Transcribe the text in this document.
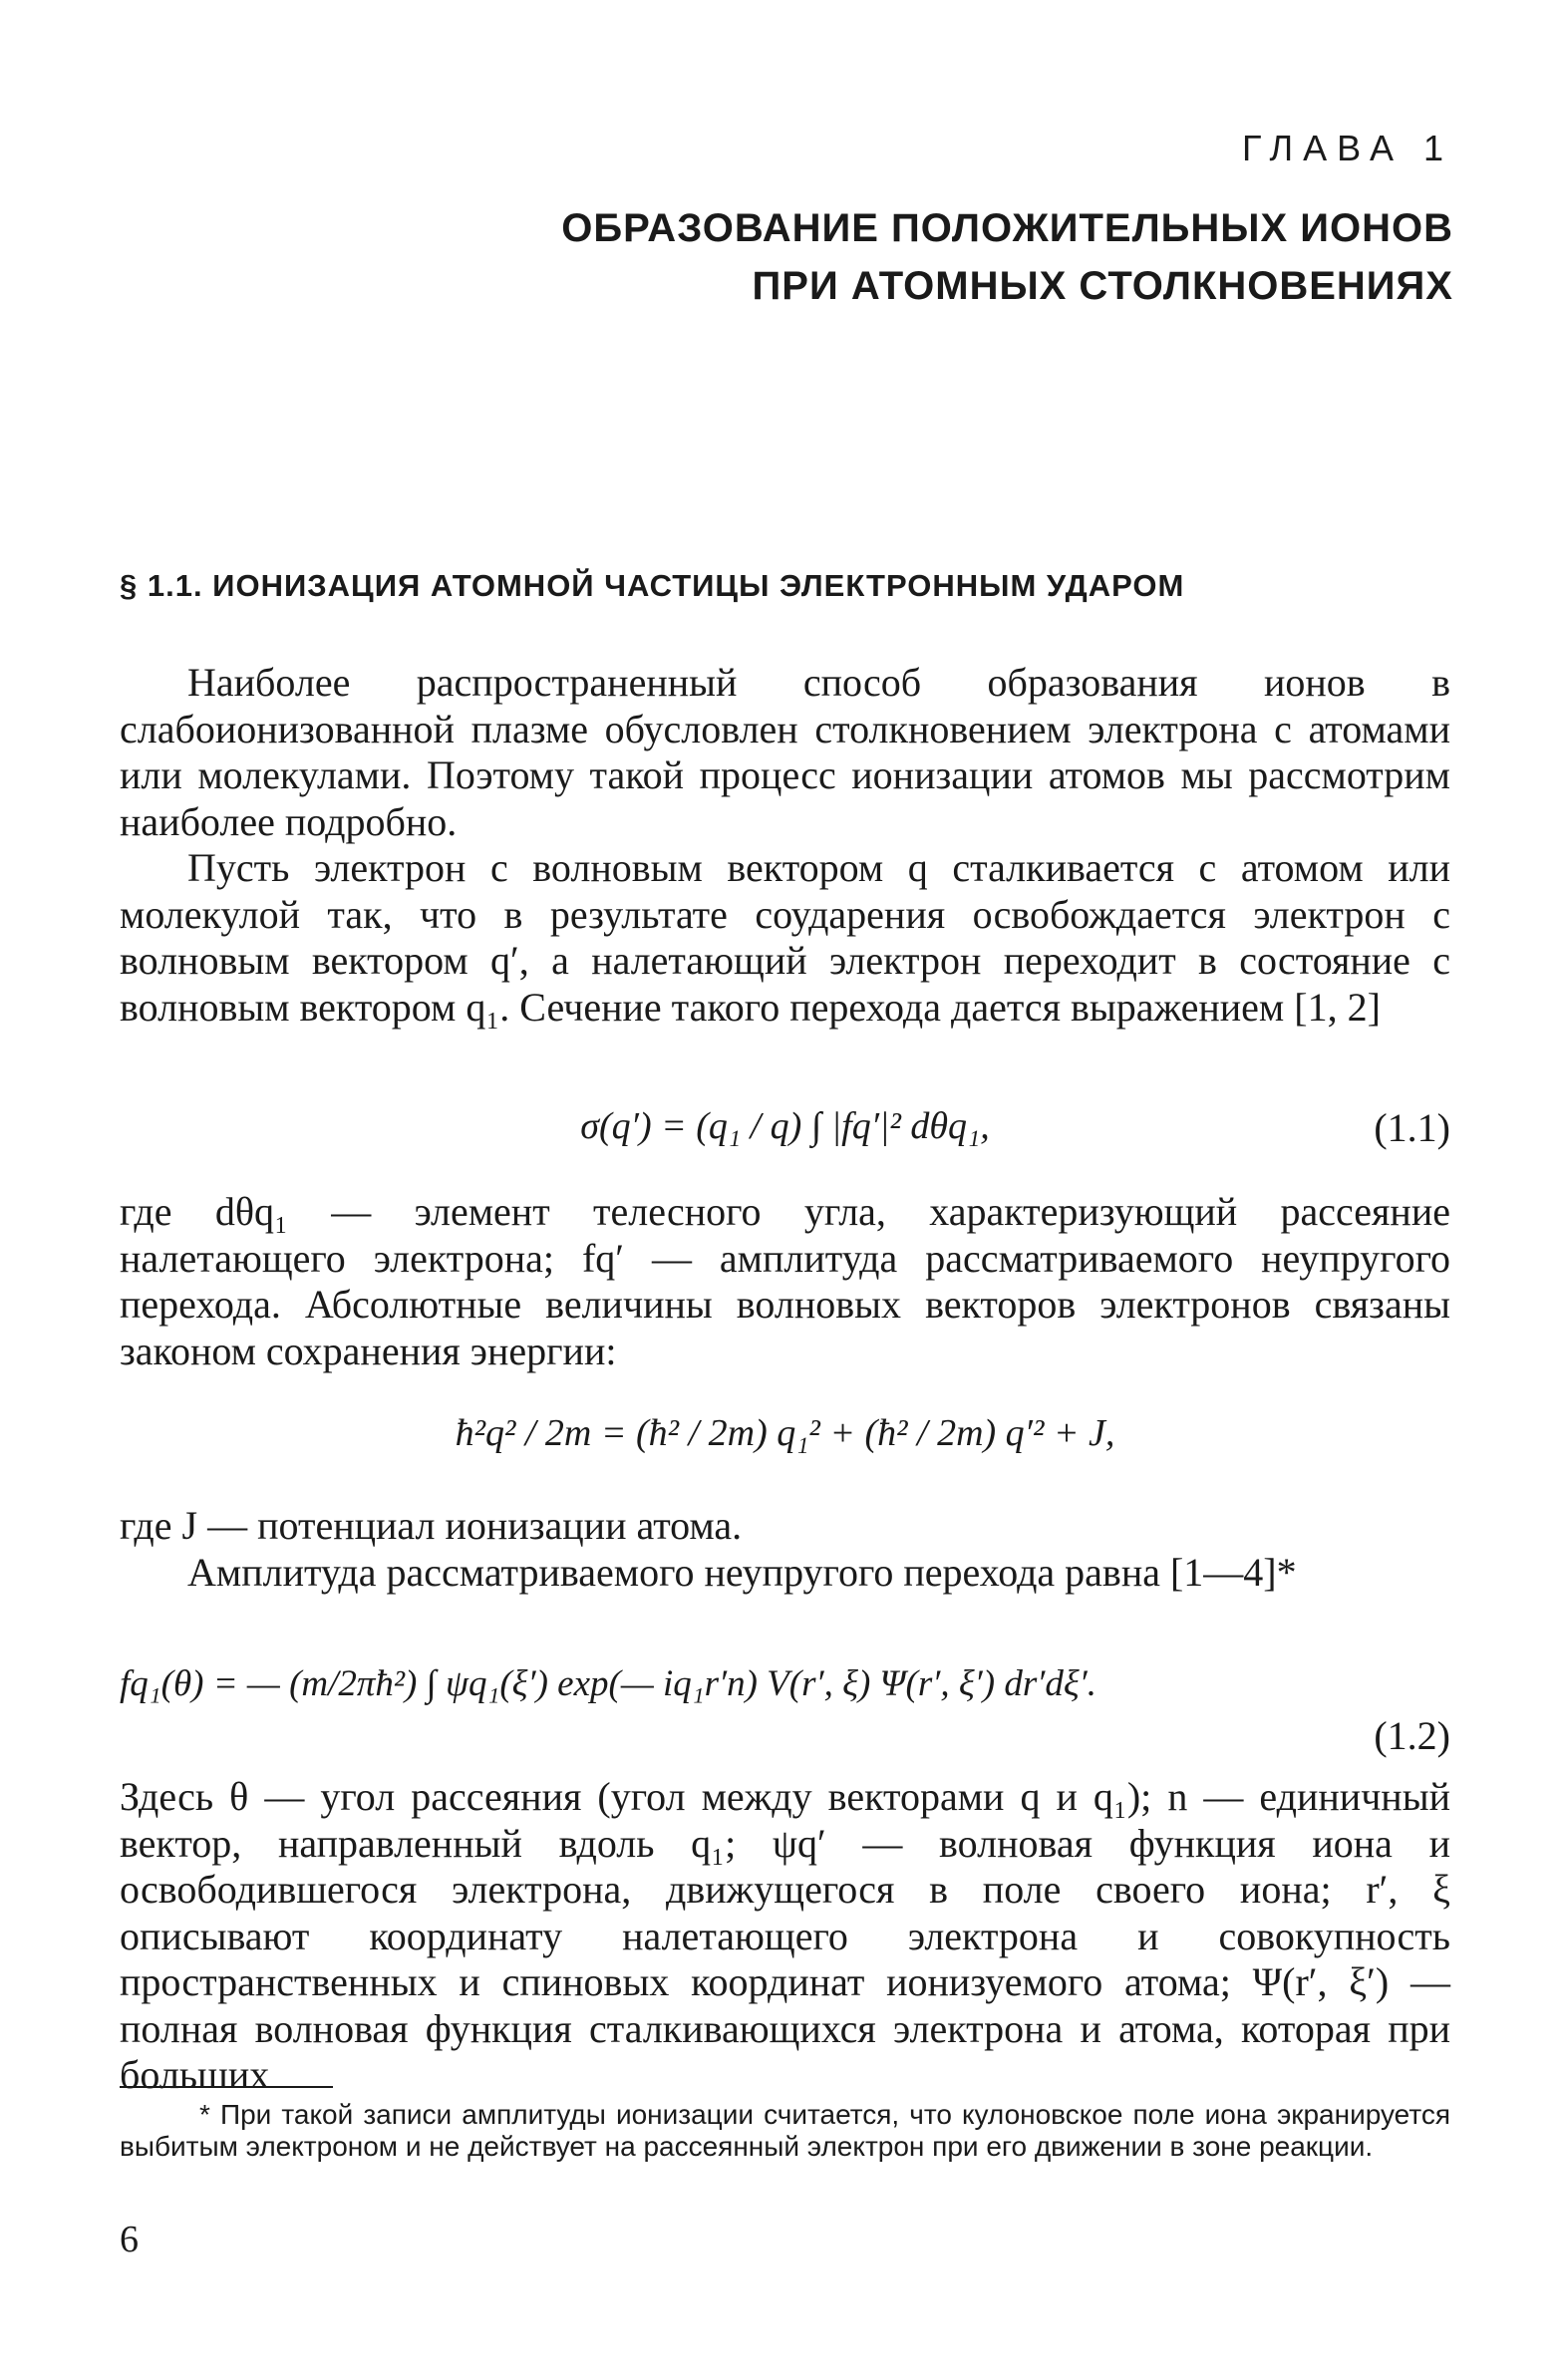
ГЛАВА 1
ОБРАЗОВАНИЕ ПОЛОЖИТЕЛЬНЫХ ИОНОВ
ПРИ АТОМНЫХ СТОЛКНОВЕНИЯХ
§ 1.1. ИОНИЗАЦИЯ АТОМНОЙ ЧАСТИЦЫ ЭЛЕКТРОННЫМ УДАРОМ

Наиболее распространенный способ образования ионов в слабоионизованной плазме обусловлен столкновением электрона с атомами или молекулами. Поэтому такой процесс ионизации атомов мы рассмотрим наиболее подробно.

Пусть электрон с волновым вектором q сталкивается с атомом или молекулой так, что в результате соударения освобождается электрон с волновым вектором q′, а налетающий электрон переходит в состояние с волновым вектором q₁. Сечение такого перехода дается выражением [1, 2]

σ(q′) = (q₁ / q) ∫ |fq′|² dθq₁,	(1.1)

где dθq₁ — элемент телесного угла, характеризующий рассеяние налетающего электрона; fq′ — амплитуда рассматриваемого неупругого перехода. Абсолютные величины волновых векторов электронов связаны законом сохранения энергии:

ħ²q² / 2m = (ħ² / 2m) q₁² + (ħ² / 2m) q′² + J,

где J — потенциал ионизации атома.

Амплитуда рассматриваемого неупругого перехода равна [1—4]*

fq₁(θ) = — (m/2πħ²) ∫ ψq₁(ξ′) exp(— iq₁r′n) V(r′, ξ) Ψ(r′, ξ′) dr′dξ′.
(1.2)

Здесь θ — угол рассеяния (угол между векторами q и q₁); n — единичный вектор, направленный вдоль q₁; ψq′ — волновая функция иона и освободившегося электрона, движущегося в поле своего иона; r′, ξ описывают координату налетающего электрона и совокупность пространственных и спиновых координат ионизуемого атома; Ψ(r′, ξ′) — полная волновая функция сталкивающихся электрона и атома, которая при больших

* При такой записи амплитуды ионизации считается, что кулоновское поле иона экранируется выбитым электроном и не действует на рассеянный электрон при его движении в зоне реакции.

6
